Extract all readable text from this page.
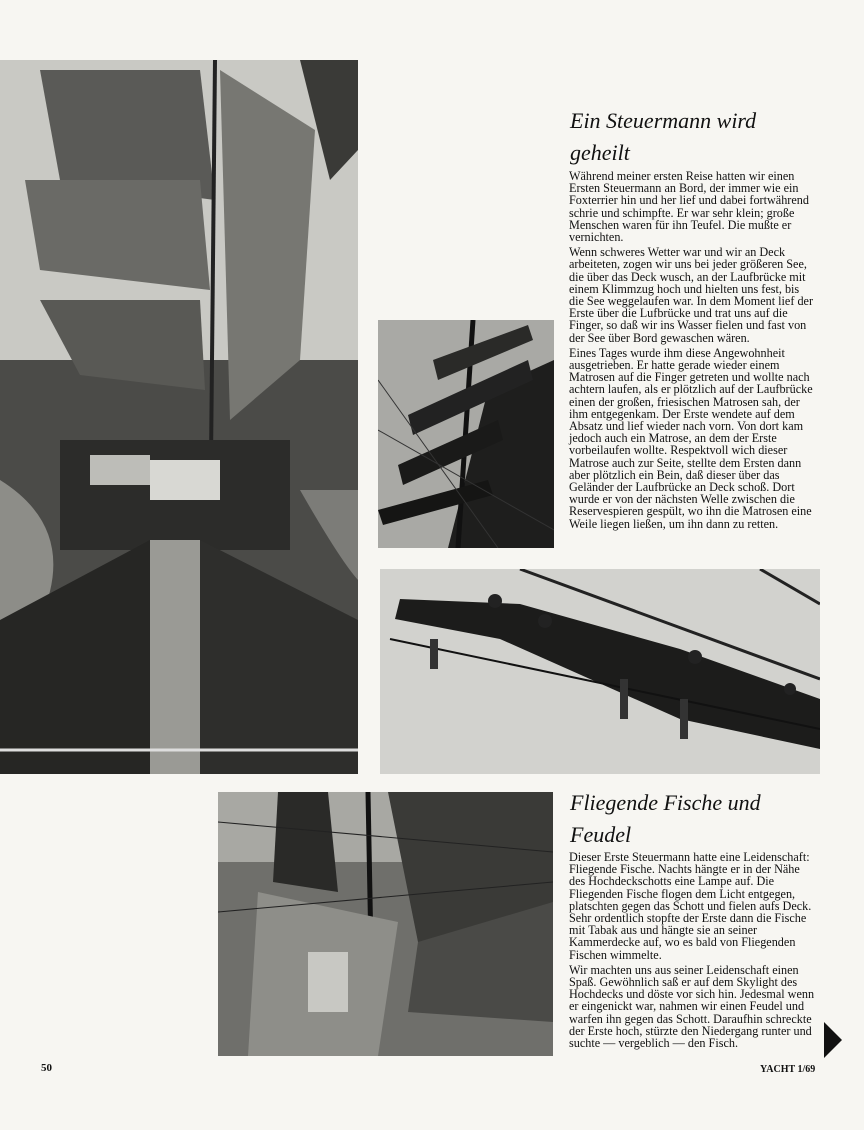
Ein Steuermann wird
geheilt

Während meiner ersten Reise hatten wir einen Ersten Steuermann an Bord, der immer wie ein Foxterrier hin und her lief und dabei fortwährend schrie und schimpfte. Er war sehr klein; große Menschen waren für ihn Teufel. Die mußte er vernichten.

Wenn schweres Wetter war und wir an Deck arbeiteten, zogen wir uns bei jeder größeren See, die über das Deck wusch, an der Laufbrücke mit einem Klimmzug hoch und hielten uns fest, bis die See weggelaufen war. In dem Moment lief der Erste über die Lufbrücke und trat uns auf die Finger, so daß wir ins Wasser fielen und fast von der See über Bord gewaschen wären.

Eines Tages wurde ihm diese Angewohnheit ausgetrieben. Er hatte gerade wieder einem Matrosen auf die Finger getreten und wollte nach achtern laufen, als er plötzlich auf der Laufbrücke einen der großen, friesischen Matrosen sah, der ihm entgegenkam. Der Erste wendete auf dem Absatz und lief wieder nach vorn. Von dort kam jedoch auch ein Matrose, an dem der Erste vorbeilaufen wollte. Respektvoll wich dieser Matrose auch zur Seite, stellte dem Ersten dann aber plötzlich ein Bein, daß dieser über das Geländer der Laufbrücke an Deck schoß. Dort wurde er von der nächsten Welle zwischen die Reservespieren gespült, wo ihn die Matrosen eine Weile liegen ließen, um ihn dann zu retten.

Fliegende Fische und
Feudel

Dieser Erste Steuermann hatte eine Leidenschaft: Fliegende Fische. Nachts hängte er in der Nähe des Hochdeckschotts eine Lampe auf. Die Fliegenden Fische flogen dem Licht entgegen, platschten gegen das Schott und fielen aufs Deck. Sehr ordentlich stopfte der Erste dann die Fische mit Tabak aus und hängte sie an seiner Kammerdecke auf, wo es bald von Fliegenden Fischen wimmelte.

Wir machten uns aus seiner Leidenschaft einen Spaß. Gewöhnlich saß er auf dem Skylight des Hochdecks und döste vor sich hin. Jedesmal wenn er eingenickt war, nahmen wir einen Feudel und warfen ihn gegen das Schott. Daraufhin schreckte der Erste hoch, stürzte den Niedergang runter und suchte — vergeblich — den Fisch.

50	YACHT 1/69
